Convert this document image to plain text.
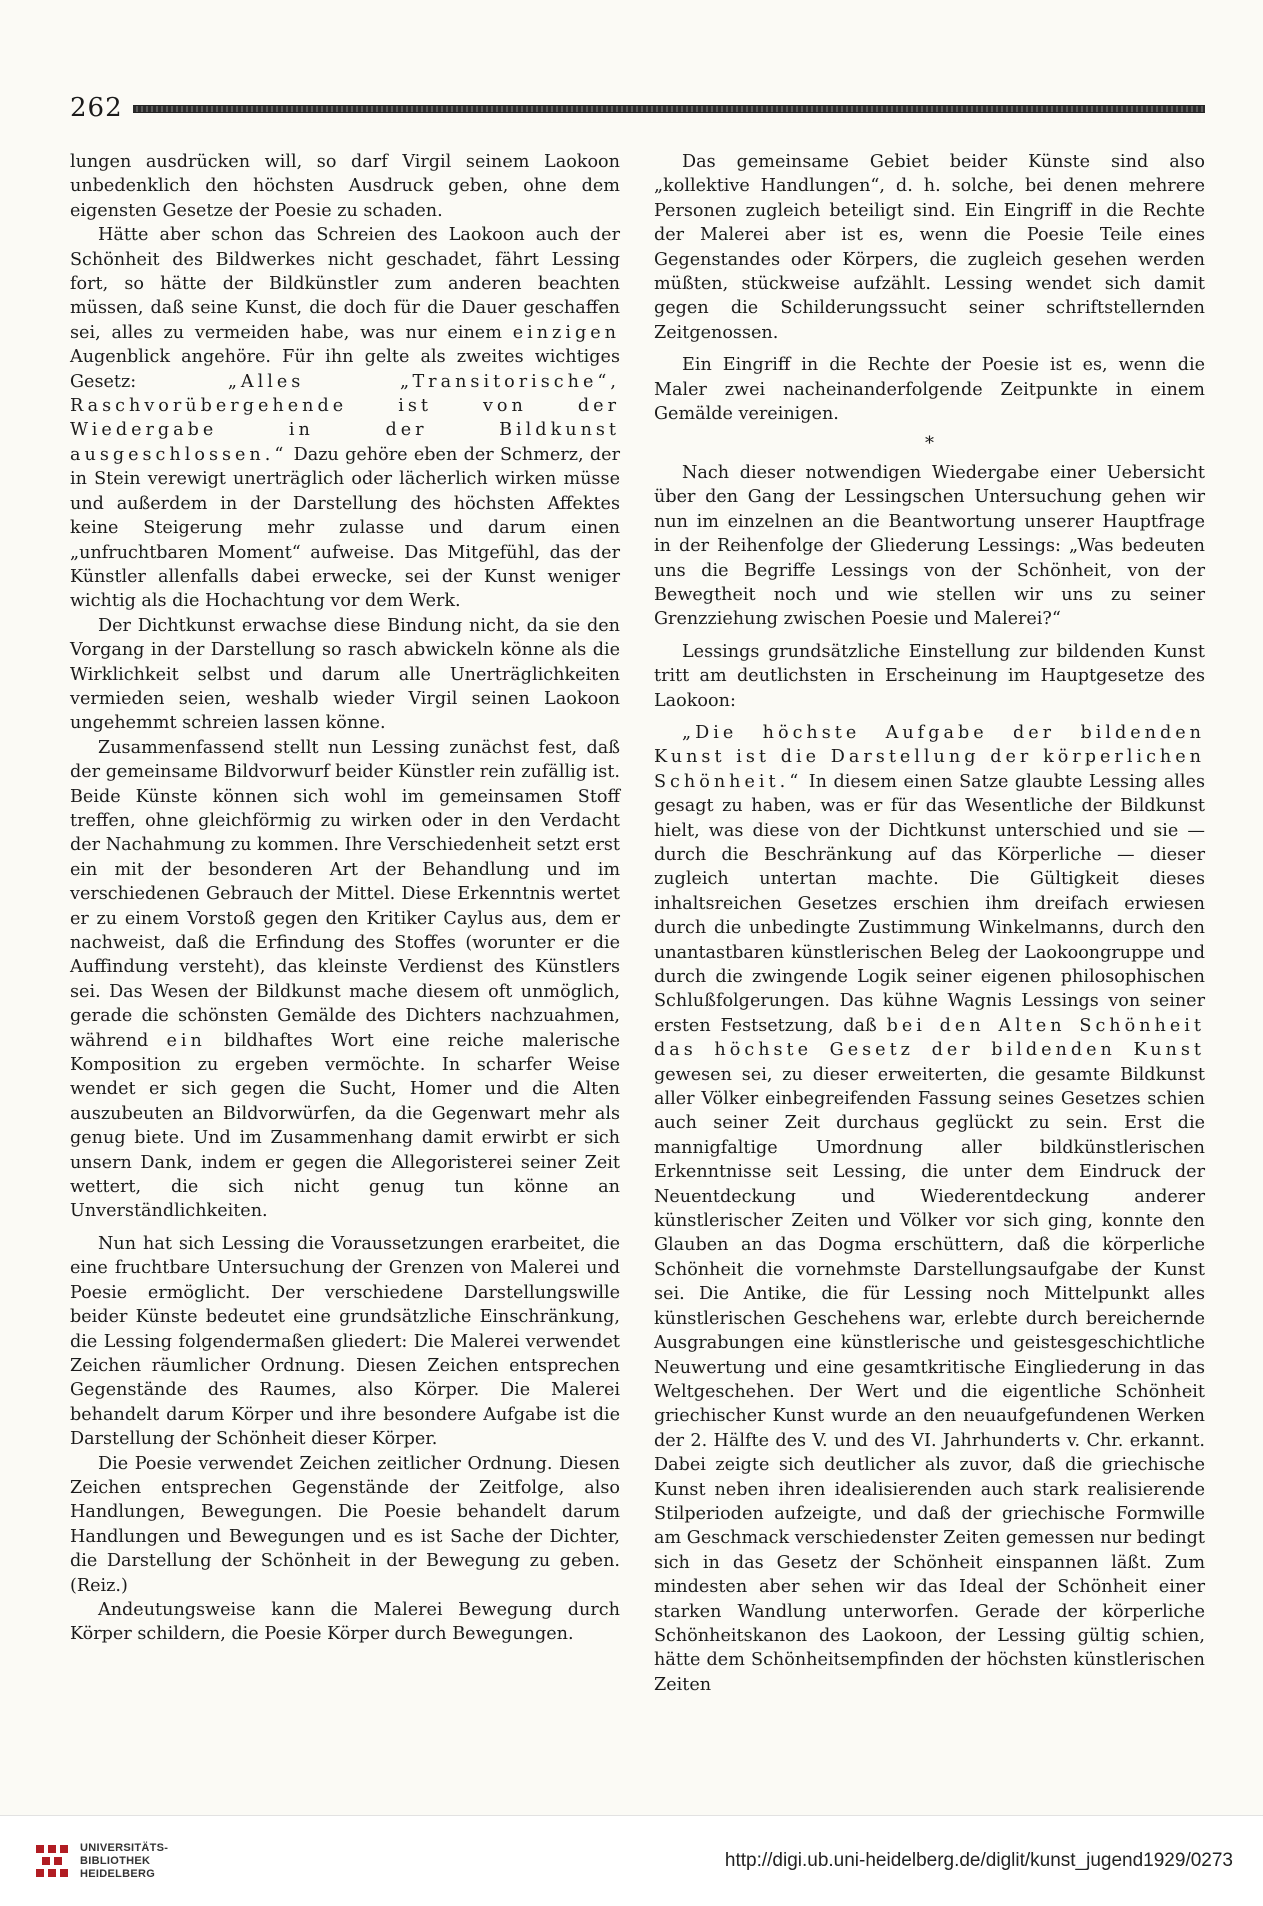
262

lungen ausdrücken will, so darf Virgil seinem Laokoon unbedenklich den höchsten Ausdruck geben, ohne dem eigensten Gesetze der Poesie zu schaden.

Hätte aber schon das Schreien des Laokoon auch der Schönheit des Bildwerkes nicht geschadet, fährt Lessing fort, so hätte der Bildkünstler zum anderen beachten müssen, daß seine Kunst, die doch für die Dauer geschaffen sei, alles zu vermeiden habe, was nur einem einzigen Augenblick angehöre. Für ihn gelte als zweites wichtiges Gesetz: „Alles „Transitorische“, Raschvorübergehende ist von der Wiedergabe in der Bildkunst ausgeschlossen.“ Dazu gehöre eben der Schmerz, der in Stein verewigt unerträglich oder lächerlich wirken müsse und außerdem in der Darstellung des höchsten Affektes keine Steigerung mehr zulasse und darum einen „unfruchtbaren Moment“ aufweise. Das Mitgefühl, das der Künstler allenfalls dabei erwecke, sei der Kunst weniger wichtig als die Hochachtung vor dem Werk.

Der Dichtkunst erwachse diese Bindung nicht, da sie den Vorgang in der Darstellung so rasch abwickeln könne als die Wirklichkeit selbst und darum alle Unerträglichkeiten vermieden seien, weshalb wieder Virgil seinen Laokoon ungehemmt schreien lassen könne.

Zusammenfassend stellt nun Lessing zunächst fest, daß der gemeinsame Bildvorwurf beider Künstler rein zufällig ist. Beide Künste können sich wohl im gemeinsamen Stoff treffen, ohne gleichförmig zu wirken oder in den Verdacht der Nachahmung zu kommen. Ihre Verschiedenheit setzt erst ein mit der besonderen Art der Behandlung und im verschiedenen Gebrauch der Mittel. Diese Erkenntnis wertet er zu einem Vorstoß gegen den Kritiker Caylus aus, dem er nachweist, daß die Erfindung des Stoffes (worunter er die Auffindung versteht), das kleinste Verdienst des Künstlers sei. Das Wesen der Bildkunst mache diesem oft unmöglich, gerade die schönsten Gemälde des Dichters nachzuahmen, während ein bildhaftes Wort eine reiche malerische Komposition zu ergeben vermöchte. In scharfer Weise wendet er sich gegen die Sucht, Homer und die Alten auszubeuten an Bildvorwürfen, da die Gegenwart mehr als genug biete. Und im Zusammenhang damit erwirbt er sich unsern Dank, indem er gegen die Allegoristerei seiner Zeit wettert, die sich nicht genug tun könne an Unverständlichkeiten.

Nun hat sich Lessing die Voraussetzungen erarbeitet, die eine fruchtbare Untersuchung der Grenzen von Malerei und Poesie ermöglicht. Der verschiedene Darstellungswille beider Künste bedeutet eine grundsätzliche Einschränkung, die Lessing folgendermaßen gliedert: Die Malerei verwendet Zeichen räumlicher Ordnung. Diesen Zeichen entsprechen Gegenstände des Raumes, also Körper. Die Malerei behandelt darum Körper und ihre besondere Aufgabe ist die Darstellung der Schönheit dieser Körper.

Die Poesie verwendet Zeichen zeitlicher Ordnung. Diesen Zeichen entsprechen Gegenstände der Zeitfolge, also Handlungen, Bewegungen. Die Poesie behandelt darum Handlungen und Bewegungen und es ist Sache der Dichter, die Darstellung der Schönheit in der Bewegung zu geben. (Reiz.)

Andeutungsweise kann die Malerei Bewegung durch Körper schildern, die Poesie Körper durch Bewegungen.

Das gemeinsame Gebiet beider Künste sind also „kollektive Handlungen“, d. h. solche, bei denen mehrere Personen zugleich beteiligt sind. Ein Eingriff in die Rechte der Malerei aber ist es, wenn die Poesie Teile eines Gegenstandes oder Körpers, die zugleich gesehen werden müßten, stückweise aufzählt. Lessing wendet sich damit gegen die Schilderungssucht seiner schriftstellernden Zeitgenossen.

Ein Eingriff in die Rechte der Poesie ist es, wenn die Maler zwei nacheinanderfolgende Zeitpunkte in einem Gemälde vereinigen.

*

Nach dieser notwendigen Wiedergabe einer Uebersicht über den Gang der Lessingschen Untersuchung gehen wir nun im einzelnen an die Beantwortung unserer Hauptfrage in der Reihenfolge der Gliederung Lessings: „Was bedeuten uns die Begriffe Lessings von der Schönheit, von der Bewegtheit noch und wie stellen wir uns zu seiner Grenzziehung zwischen Poesie und Malerei?“

Lessings grundsätzliche Einstellung zur bildenden Kunst tritt am deutlichsten in Erscheinung im Hauptgesetze des Laokoon:

„Die höchste Aufgabe der bildenden Kunst ist die Darstellung der körperlichen Schönheit.“ In diesem einen Satze glaubte Lessing alles gesagt zu haben, was er für das Wesentliche der Bildkunst hielt, was diese von der Dichtkunst unterschied und sie — durch die Beschränkung auf das Körperliche — dieser zugleich untertan machte. Die Gültigkeit dieses inhaltsreichen Gesetzes erschien ihm dreifach erwiesen durch die unbedingte Zustimmung Winkelmanns, durch den unantastbaren künstlerischen Beleg der Laokoongruppe und durch die zwingende Logik seiner eigenen philosophischen Schlußfolgerungen. Das kühne Wagnis Lessings von seiner ersten Festsetzung, daß bei den Alten Schönheit das höchste Gesetz der bildenden Kunst gewesen sei, zu dieser erweiterten, die gesamte Bildkunst aller Völker einbegreifenden Fassung seines Gesetzes schien auch seiner Zeit durchaus geglückt zu sein. Erst die mannigfaltige Umordnung aller bildkünstlerischen Erkenntnisse seit Lessing, die unter dem Eindruck der Neuentdeckung und Wiederentdeckung anderer künstlerischer Zeiten und Völker vor sich ging, konnte den Glauben an das Dogma erschüttern, daß die körperliche Schönheit die vornehmste Darstellungsaufgabe der Kunst sei. Die Antike, die für Lessing noch Mittelpunkt alles künstlerischen Geschehens war, erlebte durch bereichernde Ausgrabungen eine künstlerische und geistesgeschichtliche Neuwertung und eine gesamtkritische Eingliederung in das Weltgeschehen. Der Wert und die eigentliche Schönheit griechischer Kunst wurde an den neuaufgefundenen Werken der 2. Hälfte des V. und des VI. Jahrhunderts v. Chr. erkannt. Dabei zeigte sich deutlicher als zuvor, daß die griechische Kunst neben ihren idealisierenden auch stark realisierende Stilperioden aufzeigte, und daß der griechische Formwille am Geschmack verschiedenster Zeiten gemessen nur bedingt sich in das Gesetz der Schönheit einspannen läßt. Zum mindesten aber sehen wir das Ideal der Schönheit einer starken Wandlung unterworfen. Gerade der körperliche Schönheitskanon des Laokoon, der Lessing gültig schien, hätte dem Schönheitsempfinden der höchsten künstlerischen Zeiten

UNIVERSITÄTS-
BIBLIOTHEK
HEIDELBERG
http://digi.ub.uni-heidelberg.de/diglit/kunst_jugend1929/0273
